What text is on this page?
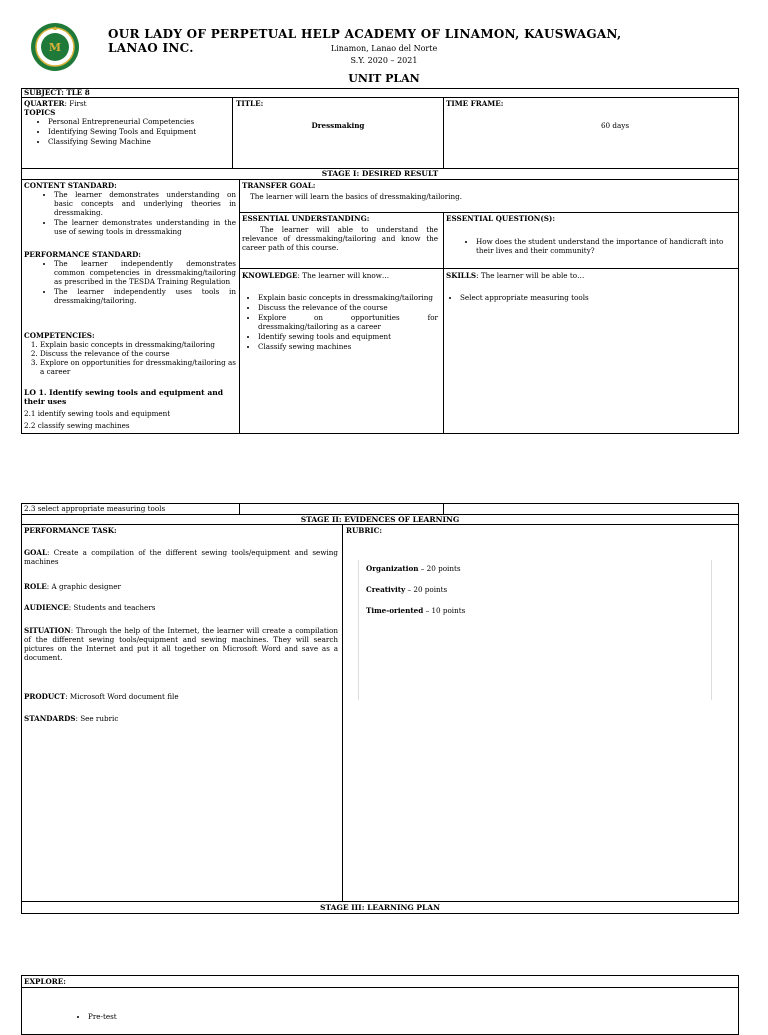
M
OUR LADY OF PERPETUAL HELP ACADEMY OF LINAMON, KAUSWAGAN, LANAO INC.	Linamon, Lanao del Norte
S.Y. 2020 – 2021
UNIT PLAN
SUBJECT: TLE 8
QUARTER: First
TOPICS
• Personal Entrepreneurial Competencies
• Identifying Sewing Tools and Equipment
• Classifying Sewing Machine
TITLE:
Dressmaking
TIME FRAME:
60 days
STAGE I: DESIRED RESULT
CONTENT STANDARD:
• The learner demonstrates understanding on basic concepts and underlying theories in dressmaking.
• The learner demonstrates understanding in the use of sewing tools in dressmaking
PERFORMANCE STANDARD:
• The learner independently demonstrates common competencies in dressmaking/tailoring as prescribed in the TESDA Training Regulation
• The learner independently uses tools in dressmaking/tailoring.
COMPETENCIES:
1. Explain basic concepts in dressmaking/tailoring
2. Discuss the relevance of the course
3. Explore on opportunities for dressmaking/tailoring as a career
LO 1. Identify sewing tools and equipment and their uses
2.1 identify sewing tools and equipment
2.2 classify sewing machines
TRANSFER GOAL:
The learner will learn the basics of dressmaking/tailoring.
ESSENTIAL UNDERSTANDING:
The learner will able to understand the relevance of dressmaking/tailoring and know the career path of this course.
ESSENTIAL QUESTION(S):
• How does the student understand the importance of handicraft into their lives and their community?
KNOWLEDGE: The learner will know…
• Explain basic concepts in dressmaking/tailoring
• Discuss the relevance of the course
• Explore on opportunities for dressmaking/tailoring as a career
• Identify sewing tools and equipment
• Classify sewing machines
SKILLS: The learner will be able to…
• Select appropriate measuring tools
2.3 select appropriate measuring tools
STAGE II: EVIDENCES OF LEARNING
PERFORMANCE TASK:
GOAL: Create a compilation of the different sewing tools/equipment and sewing machines
ROLE: A graphic designer
AUDIENCE: Students and teachers
SITUATION: Through the help of the Internet, the learner will create a compilation of the different sewing tools/equipment and sewing machines. They will search pictures on the Internet and put it all together on Microsoft Word and save as a document.
PRODUCT: Microsoft Word document file
STANDARDS: See rubric
RUBRIC:
Organization – 20 points
Creativity – 20 points
Time-oriented – 10 points
STAGE III: LEARNING PLAN
EXPLORE:
• Pre-test
